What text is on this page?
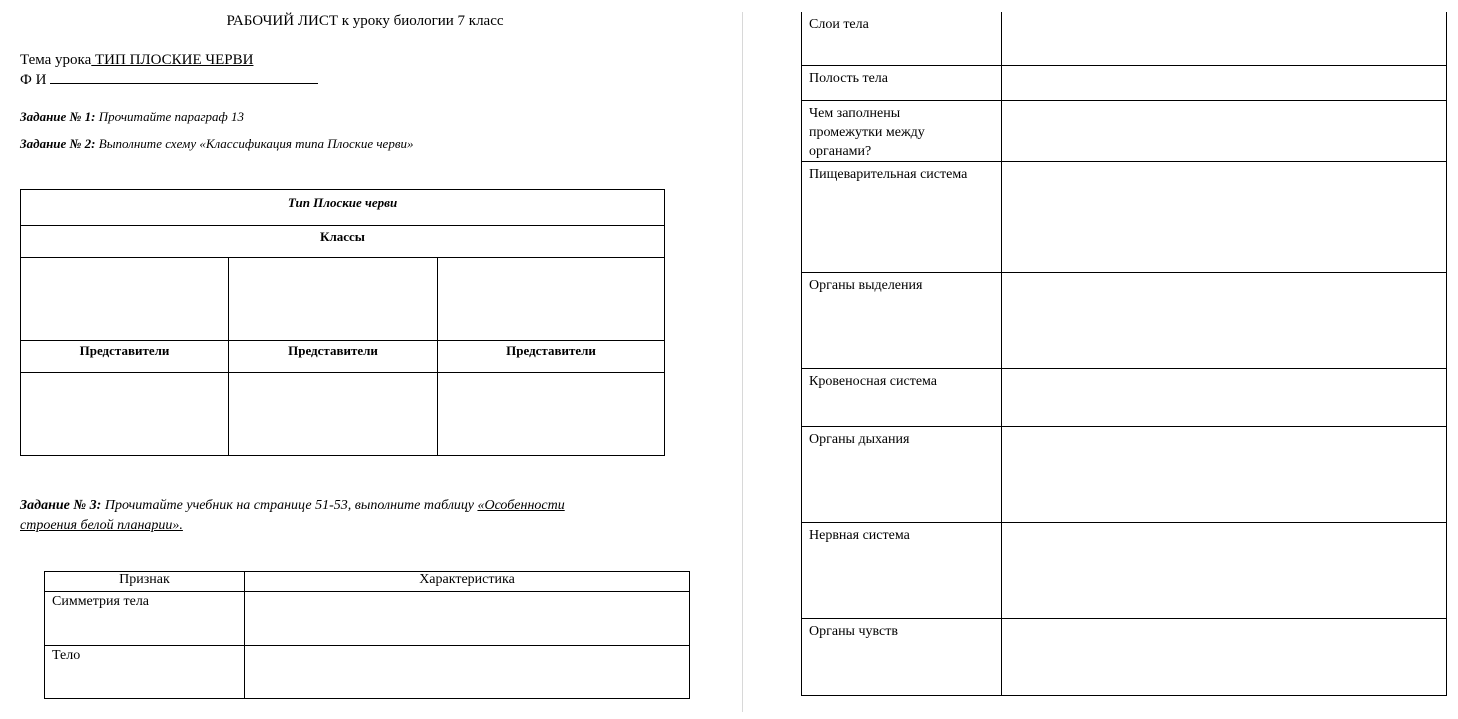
РАБОЧИЙ ЛИСТ к уроку биологии 7 класс
Тема урока ТИП ПЛОСКИЕ ЧЕРВИ
Ф И
Задание № 1: Прочитайте параграф 13
Задание № 2: Выполните схему «Классификация типа Плоские черви»
Тип Плоские черви		
Классы		

Представители	Представители	Представители

Задание № 3: Прочитайте учебник на странице 51-53, выполните таблицу «Особенности
строения белой планарии».
Признак	Характеристика
Симметрия тела	
Тело	
Слои тела	
Полость тела	
Чем заполнены промежутки между органами?	
Пищеварительная система	
Органы выделения	
Кровеносная система	
Органы дыхания	
Нервная система	
Органы чувств	
